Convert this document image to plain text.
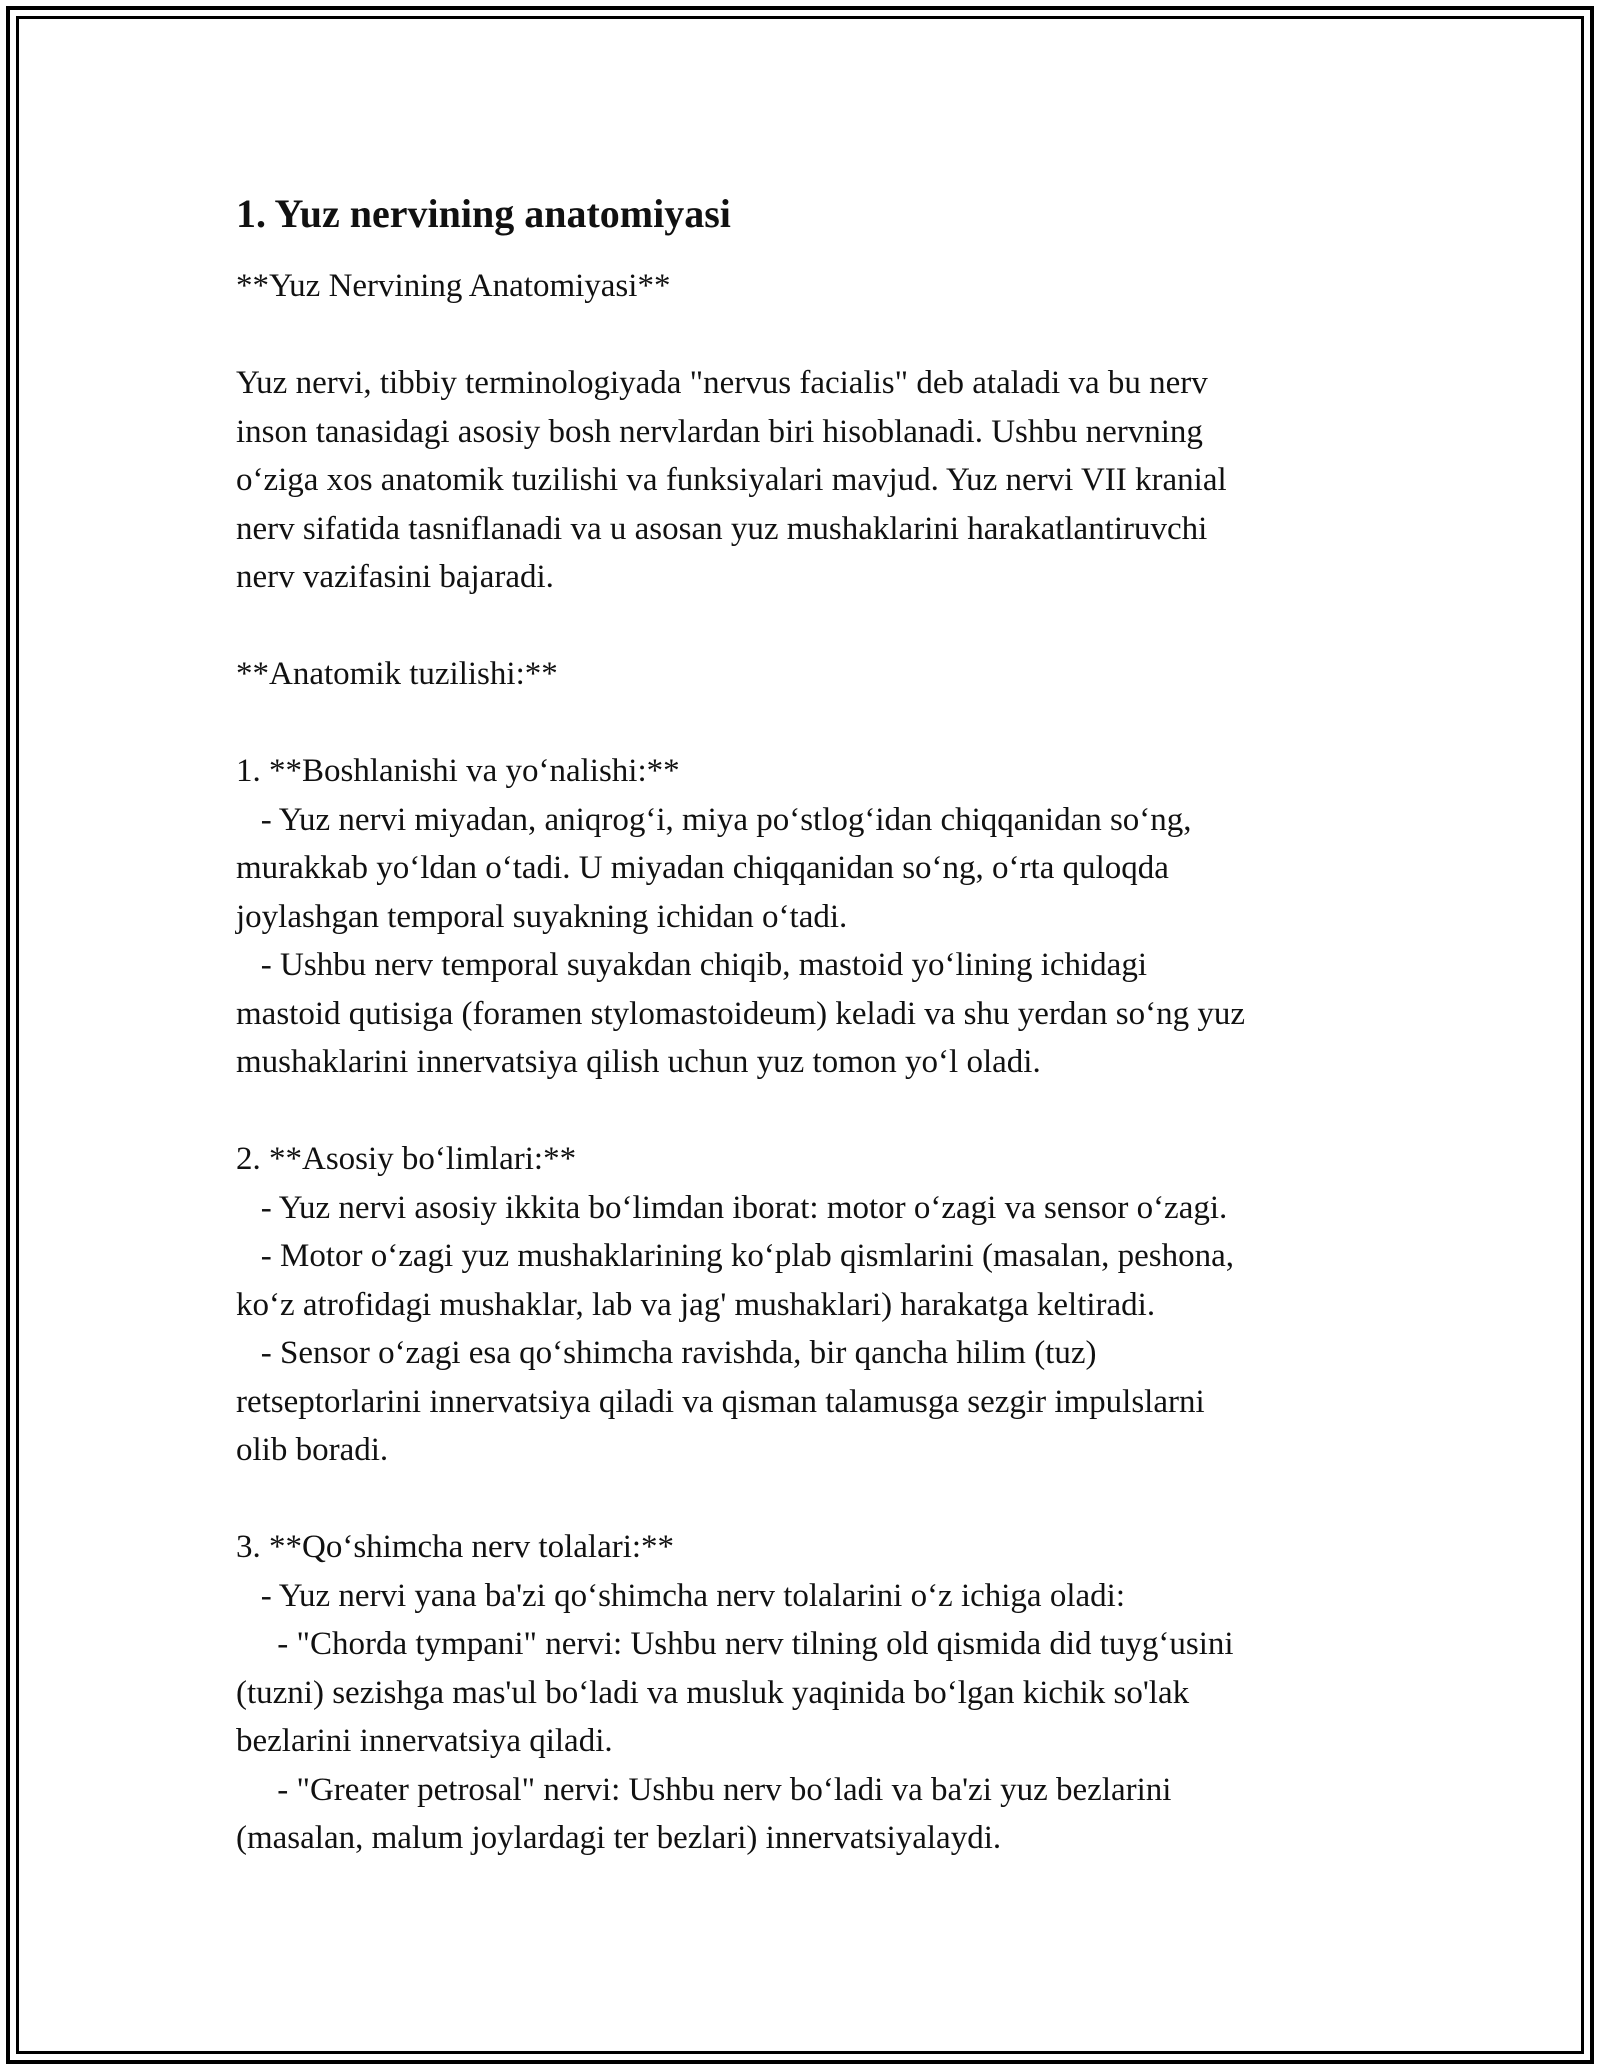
1. Yuz nervining anatomiyasi
**Yuz Nervining Anatomiyasi**
Yuz nervi, tibbiy terminologiyada "nervus facialis" deb ataladi va bu nerv
inson tanasidagi asosiy bosh nervlardan biri hisoblanadi. Ushbu nervning
o‘ziga xos anatomik tuzilishi va funksiyalari mavjud. Yuz nervi VII kranial
nerv sifatida tasniflanadi va u asosan yuz mushaklarini harakatlantiruvchi
nerv vazifasini bajaradi.
**Anatomik tuzilishi:**
1. **Boshlanishi va yo‘nalishi:**
- Yuz nervi miyadan, aniqrog‘i, miya po‘stlog‘idan chiqqanidan so‘ng,
murakkab yo‘ldan o‘tadi. U miyadan chiqqanidan so‘ng, o‘rta quloqda
joylashgan temporal suyakning ichidan o‘tadi.
- Ushbu nerv temporal suyakdan chiqib, mastoid yo‘lining ichidagi
mastoid qutisiga (foramen stylomastoideum) keladi va shu yerdan so‘ng yuz
mushaklarini innervatsiya qilish uchun yuz tomon yo‘l oladi.
2. **Asosiy bo‘limlari:**
- Yuz nervi asosiy ikkita bo‘limdan iborat: motor o‘zagi va sensor o‘zagi.
- Motor o‘zagi yuz mushaklarining ko‘plab qismlarini (masalan, peshona,
ko‘z atrofidagi mushaklar, lab va jag' mushaklari) harakatga keltiradi.
- Sensor o‘zagi esa qo‘shimcha ravishda, bir qancha hilim (tuz)
retseptorlarini innervatsiya qiladi va qisman talamusga sezgir impulslarni
olib boradi.
3. **Qo‘shimcha nerv tolalari:**
- Yuz nervi yana ba'zi qo‘shimcha nerv tolalarini o‘z ichiga oladi:
- "Chorda tympani" nervi: Ushbu nerv tilning old qismida did tuyg‘usini
(tuzni) sezishga mas'ul bo‘ladi va musluk yaqinida bo‘lgan kichik so'lak
bezlarini innervatsiya qiladi.
- "Greater petrosal" nervi: Ushbu nerv bo‘ladi va ba'zi yuz bezlarini
(masalan, malum joylardagi ter bezlari) innervatsiyalaydi.
